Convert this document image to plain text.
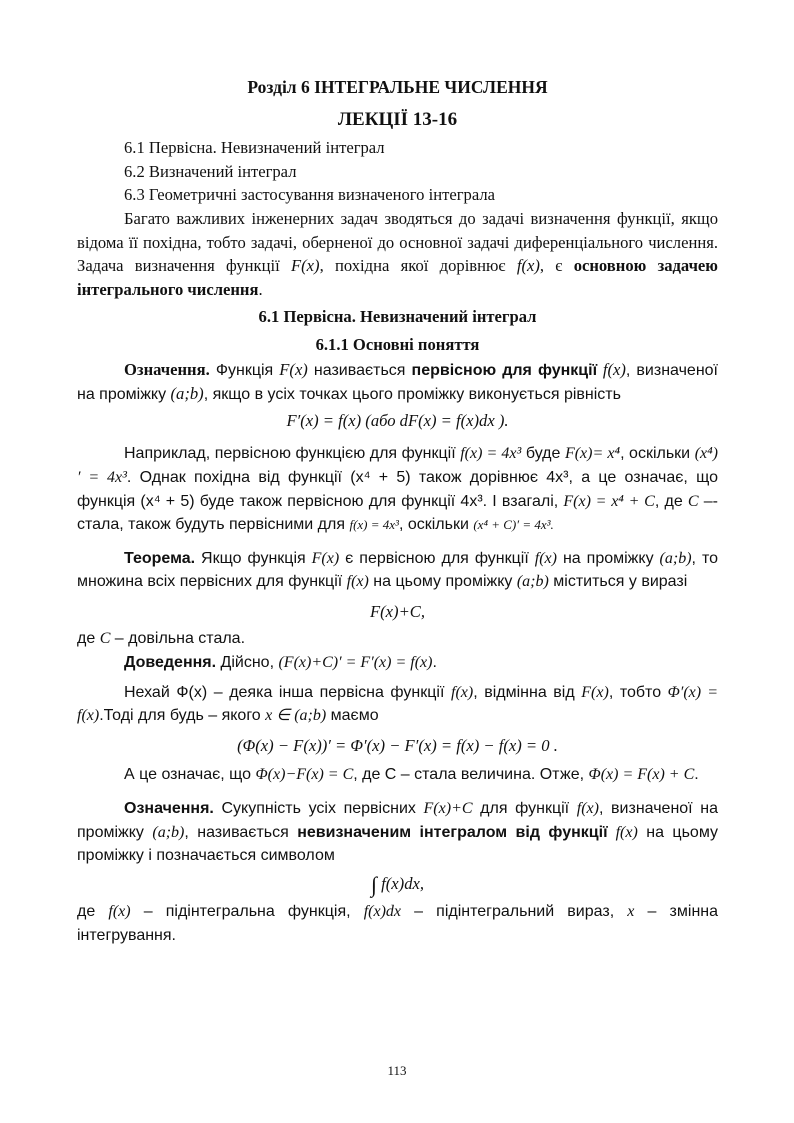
Розділ 6 ІНТЕГРАЛЬНЕ ЧИСЛЕННЯ
ЛЕКЦІЇ 13-16
6.1 Первісна. Невизначений інтеграл
6.2 Визначений інтеграл
6.3 Геометричні застосування визначеного інтеграла

Багато важливих інженерних задач зводяться до задачі визначення функції, якщо відома її похідна, тобто задачі, оберненої до основної задачі диференціального числення. Задача визначення функції F(x), похідна якої дорівнює f(x), є основною задачею інтегрального числення.

6.1 Первісна. Невизначений інтеграл
6.1.1 Основні поняття

Означення. Функція F(x) називається первісною для функції f(x), визначеної на проміжку (a;b), якщо в усіх точках цього проміжку виконується рівність

F′(x) = f(x) (або dF(x) = f(x)dx ).

Наприклад, первісною функцією для функції f(x) = 4x³ буде F(x)= x⁴, оскільки (x⁴)′ = 4x³. Однак похідна від функції (x⁴ + 5) також дорівнює 4x³, а це означає, що функція (x⁴ + 5) буде також первісною для функції 4x³. І взагалі, F(x) = x⁴ + C, де C –- стала, також будуть первісними для f(x) = 4x³, оскільки (x⁴ + C)′ = 4x³.

Теорема. Якщо функція F(x) є первісною для функції f(x) на проміжку (a;b), то множина всіх первісних для функції f(x) на цьому проміжку (a;b) міститься у виразі

F(x)+C,

де C – довільна стала.

Доведення. Дійсно, (F(x)+C)′ = F′(x) = f(x).

Нехай Ф(x) – деяка інша первісна функції f(x), відмінна від F(x), тобто Φ′(x) = f(x).Тоді для будь – якого x ∈ (a;b) маємо

(Φ(x) − F(x))′ = Φ′(x) − F′(x) = f(x) − f(x) = 0 .

А це означає, що Φ(x)−F(x) = C, де C – стала величина. Отже, Φ(x) = F(x) + C.

Означення. Сукупність усіх первісних F(x)+C для функції f(x), визначеної на проміжку (a;b), називається невизначеним інтегралом від функції f(x) на цьому проміжку і позначається символом

∫ f(x)dx,

де f(x) – підінтегральна функція, f(x)dx – підінтегральний вираз, x – змінна інтегрування.

113
